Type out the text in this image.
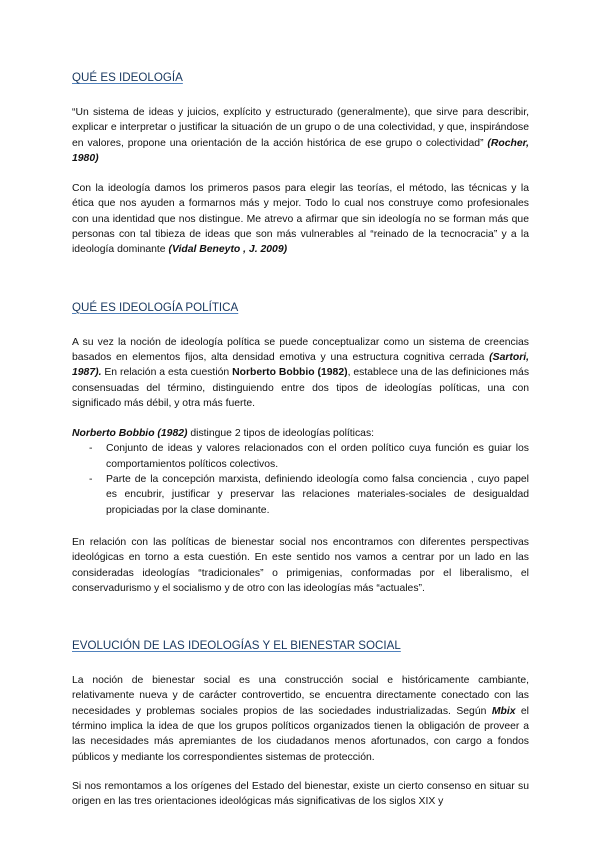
QUÉ ES IDEOLOGÍA

“Un sistema de ideas y juicios, explícito y estructurado (generalmente), que sirve para describir, explicar e interpretar o justificar la situación de un grupo o de una colectividad, y que, inspirándose en valores, propone una orientación de la acción histórica de ese grupo o colectividad” (Rocher, 1980)

Con la ideología damos los primeros pasos para elegir las teorías, el método, las técnicas y la ética que nos ayuden a formarnos más y mejor. Todo lo cual nos construye como profesionales con una identidad que nos distingue. Me atrevo a afirmar que sin ideología no se forman más que personas con tal tibieza de ideas que son más vulnerables al “reinado de la tecnocracia” y a la ideología dominante (Vidal Beneyto , J. 2009)

QUÉ ES IDEOLOGÍA POLÍTICA

A su vez la noción de ideología política se puede conceptualizar como un sistema de creencias basados en elementos fijos, alta densidad emotiva y una estructura cognitiva cerrada (Sartori, 1987). En relación a esta cuestión Norberto Bobbio (1982), establece una de las definiciones más consensuadas del término, distinguiendo entre dos tipos de ideologías políticas, una con significado más débil, y otra más fuerte.

Norberto Bobbio (1982) distingue 2 tipos de ideologías políticas:

- Conjunto de ideas y valores relacionados con el orden político cuya función es guiar los comportamientos políticos colectivos.
- Parte de la concepción marxista, definiendo ideología como falsa conciencia , cuyo papel es encubrir, justificar y preservar las relaciones materiales-sociales de desigualdad propiciadas por la clase dominante.

En relación con las políticas de bienestar social nos encontramos con diferentes perspectivas ideológicas en torno a esta cuestión. En este sentido nos vamos a centrar por un lado en las consideradas ideologías “tradicionales” o primigenias, conformadas por el liberalismo, el conservadurismo y el socialismo y de otro con las ideologías más “actuales”.

EVOLUCIÓN DE LAS IDEOLOGÍAS Y EL BIENESTAR SOCIAL

La noción de bienestar social es una construcción social e históricamente cambiante, relativamente nueva y de carácter controvertido, se encuentra directamente conectado con las necesidades y problemas sociales propios de las sociedades industrializadas. Según Mbix el término implica la idea de que los grupos políticos organizados tienen la obligación de proveer a las necesidades más apremiantes de los ciudadanos menos afortunados, con cargo a fondos públicos y mediante los correspondientes sistemas de protección.

Si nos remontamos a los orígenes del Estado del bienestar, existe un cierto consenso en situar su origen en las tres orientaciones ideológicas más significativas de los siglos XIX y
